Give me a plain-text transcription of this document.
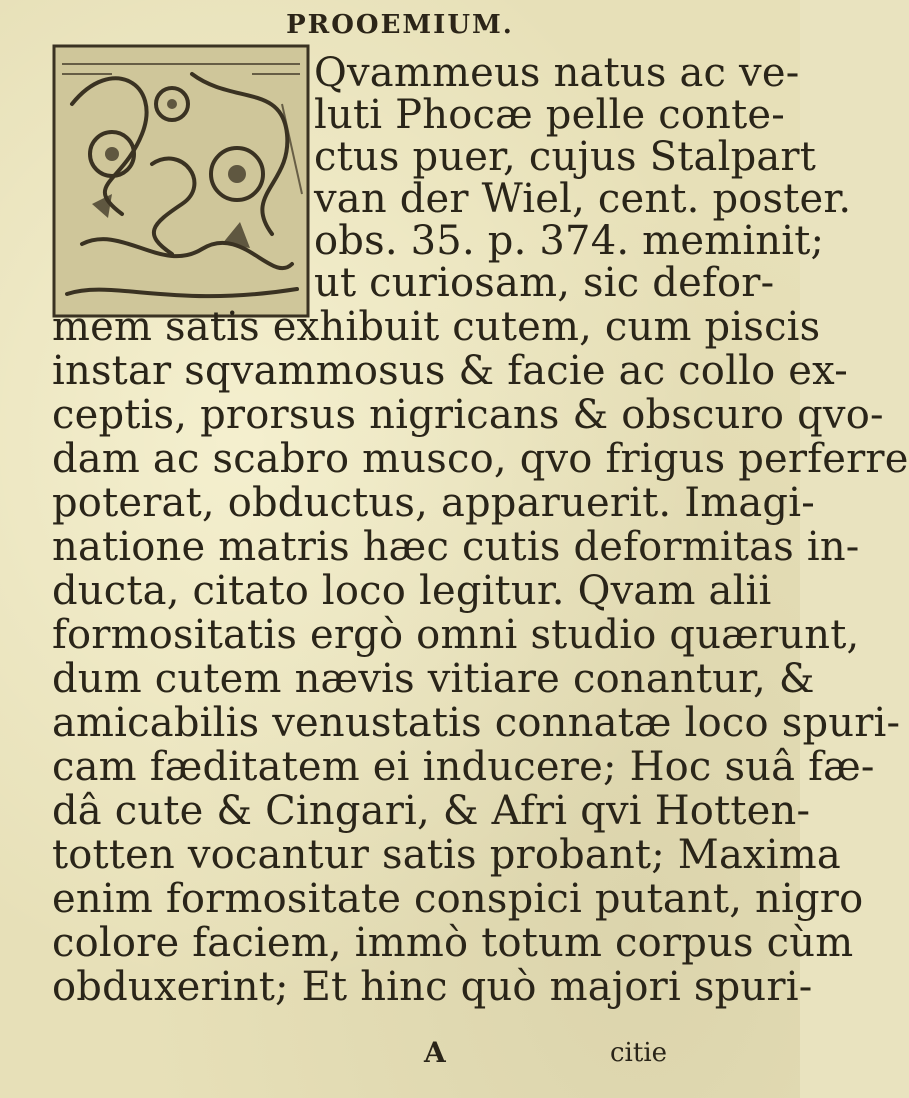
PROOEMIUM.
Qvammeus natus ac ve-
luti Phocæ pelle conte-
ctus puer, cujus Stalpart
van der Wiel, cent. poster.
obs. 35. p. 374. meminit;
ut curiosam, sic defor-
mem satis exhibuit cutem, cum piscis
instar sqvammosus & facie ac collo ex-
ceptis, prorsus nigricans & obscuro qvo-
dam ac scabro musco, qvo frigus perferre
poterat, obductus, apparuerit. Imagi-
natione matris hæc cutis deformitas in-
ducta, citato loco legitur. Qvam alii
formositatis ergò omni studio quærunt,
dum cutem nævis vitiare conantur, &
amicabilis venustatis connatæ loco spuri-
cam fæditatem ei inducere; Hoc suâ fæ-
dâ cute & Cingari, & Afri qvi Hotten-
totten vocantur satis probant; Maxima
enim formositate conspici putant, nigro
colore faciem, immò totum corpus cùm
obduxerint; Et hinc quò majori spuri-
A	citie
